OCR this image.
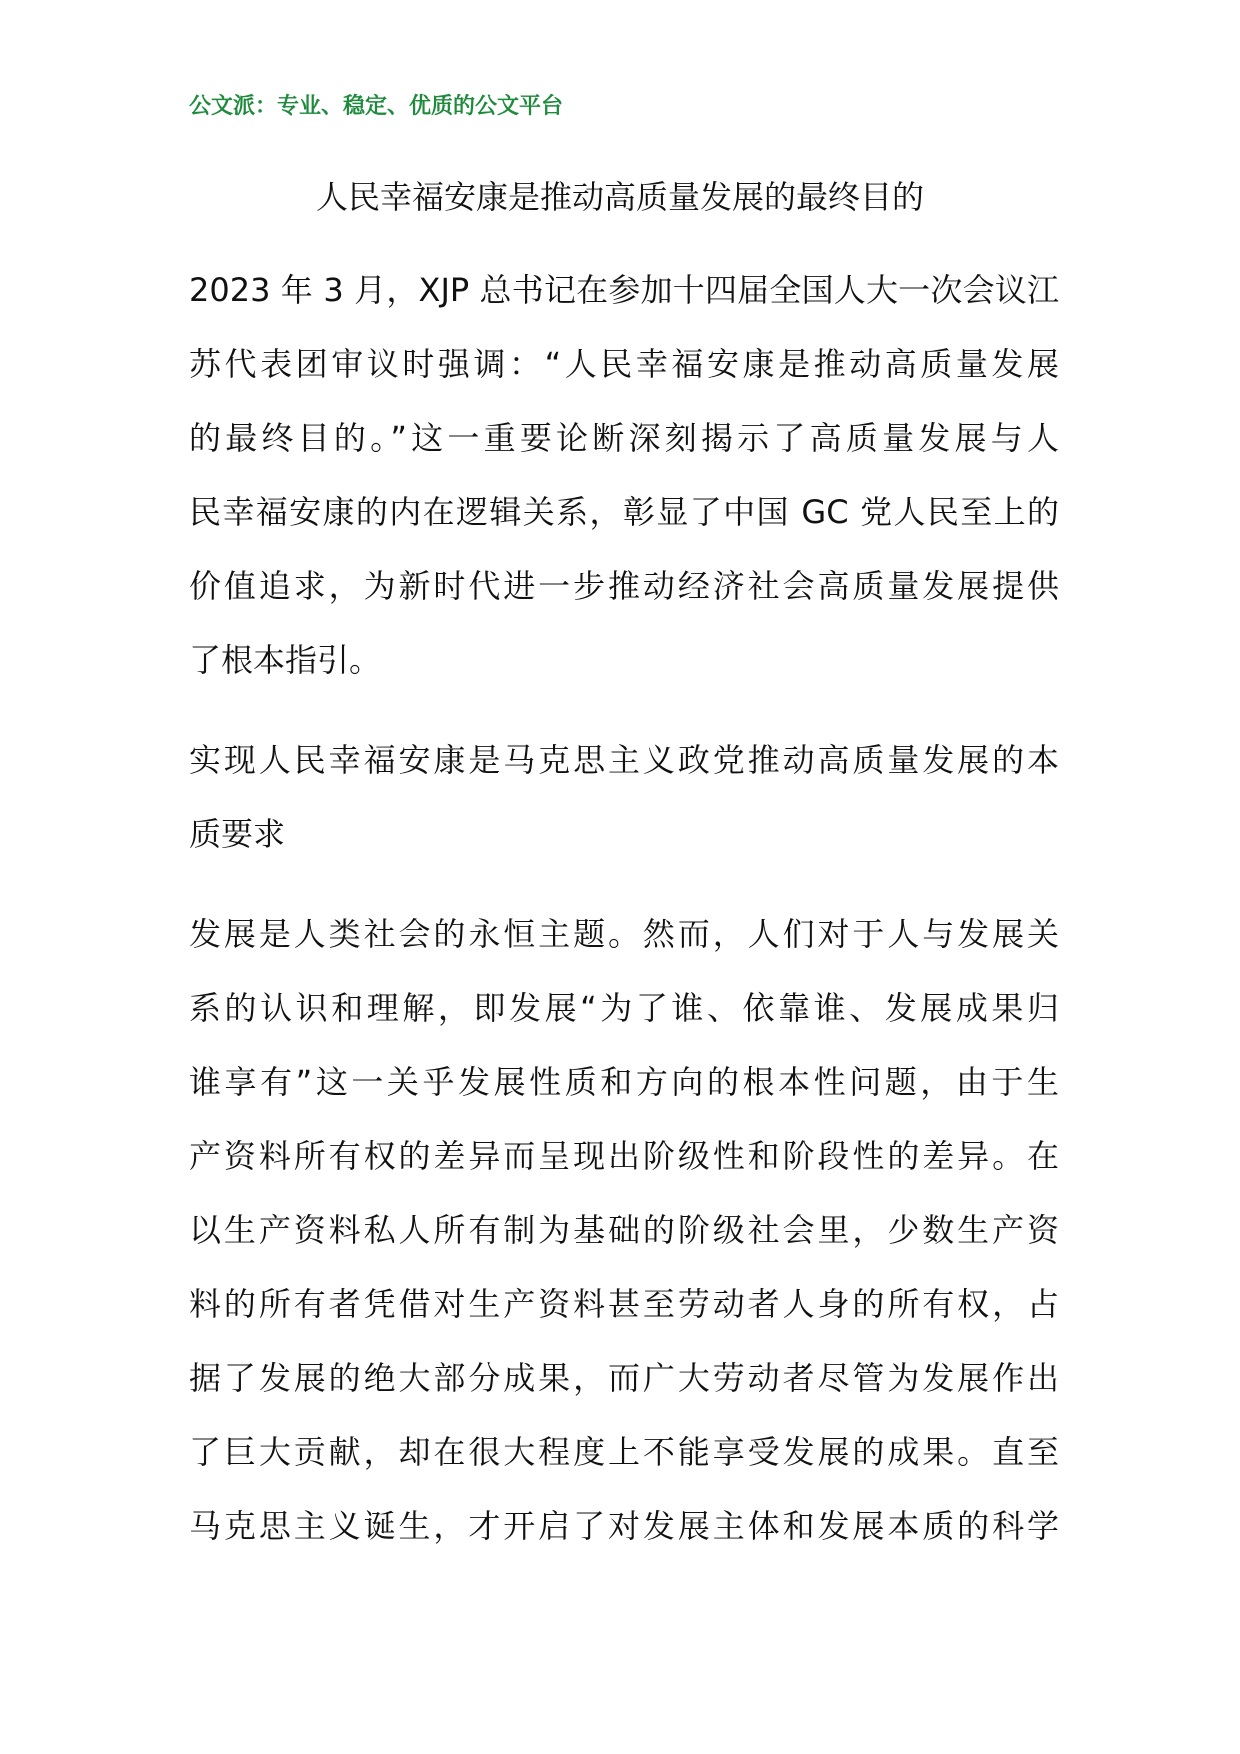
公文派：专业、稳定、优质的公文平台
人民幸福安康是推动高质量发展的最终目的
2023 年 3 月，XJP 总书记在参加十四届全国人大一次会议江
苏代表团审议时强调：“人民幸福安康是推动高质量发展
的最终目的。”这一重要论断深刻揭示了高质量发展与人
民幸福安康的内在逻辑关系，彰显了中国 GC 党人民至上的
价值追求，为新时代进一步推动经济社会高质量发展提供
了根本指引。
实现人民幸福安康是马克思主义政党推动高质量发展的本
质要求
发展是人类社会的永恒主题。然而，人们对于人与发展关
系的认识和理解，即发展“为了谁、依靠谁、发展成果归
谁享有”这一关乎发展性质和方向的根本性问题，由于生
产资料所有权的差异而呈现出阶级性和阶段性的差异。在
以生产资料私人所有制为基础的阶级社会里，少数生产资
料的所有者凭借对生产资料甚至劳动者人身的所有权，占
据了发展的绝大部分成果，而广大劳动者尽管为发展作出
了巨大贡献，却在很大程度上不能享受发展的成果。直至
马克思主义诞生，才开启了对发展主体和发展本质的科学
